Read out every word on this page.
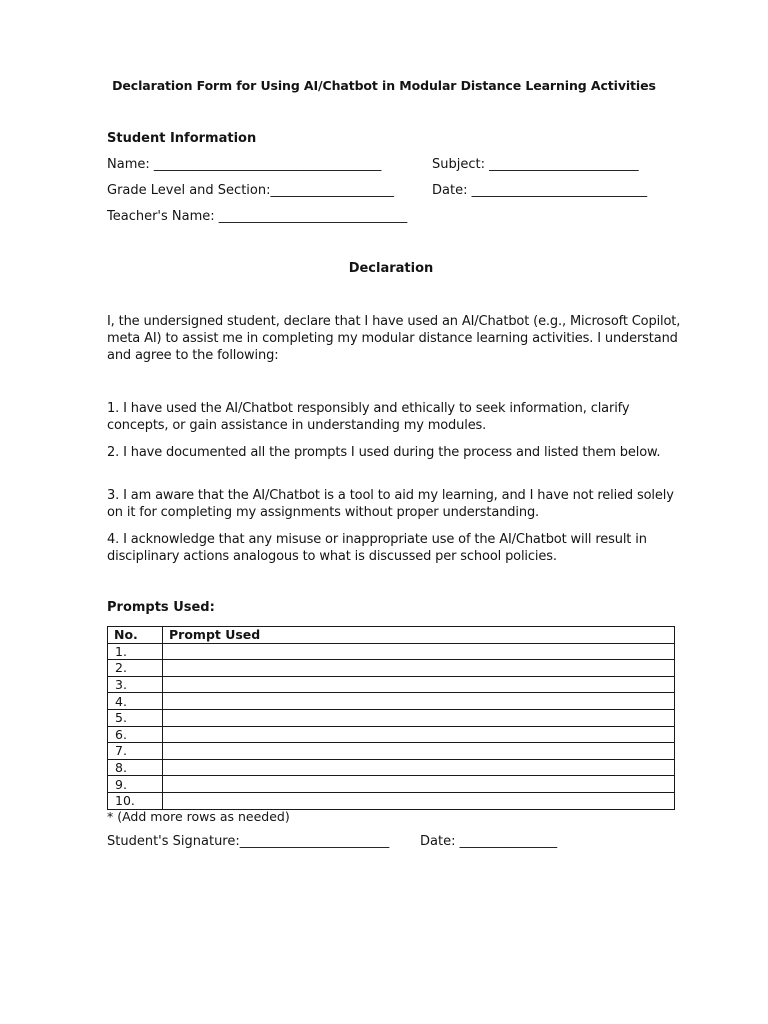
Declaration Form for Using AI/Chatbot in Modular Distance Learning Activities
Student Information
Name: ___________________________________	Subject: _______________________
Grade Level and Section:___________________	Date: ___________________________
Teacher's Name: _____________________________
Declaration
I, the undersigned student, declare that I have used an AI/Chatbot (e.g., Microsoft Copilot, meta AI) to assist me in completing my modular distance learning activities. I understand and agree to the following:
1. I have used the AI/Chatbot responsibly and ethically to seek information, clarify concepts, or gain assistance in understanding my modules.
2. I have documented all the prompts I used during the process and listed them below.
3. I am aware that the AI/Chatbot is a tool to aid my learning, and I have not relied solely on it for completing my assignments without proper understanding.
4. I acknowledge that any misuse or inappropriate use of the AI/Chatbot will result in disciplinary actions analogous to what is discussed per school policies.
Prompts Used:
No.	Prompt Used
1.	
2.	
3.	
4.	
5.	
6.	
7.	
8.	
9.	
10.	
* (Add more rows as needed)
Student's Signature:_______________________ Date: _______________
